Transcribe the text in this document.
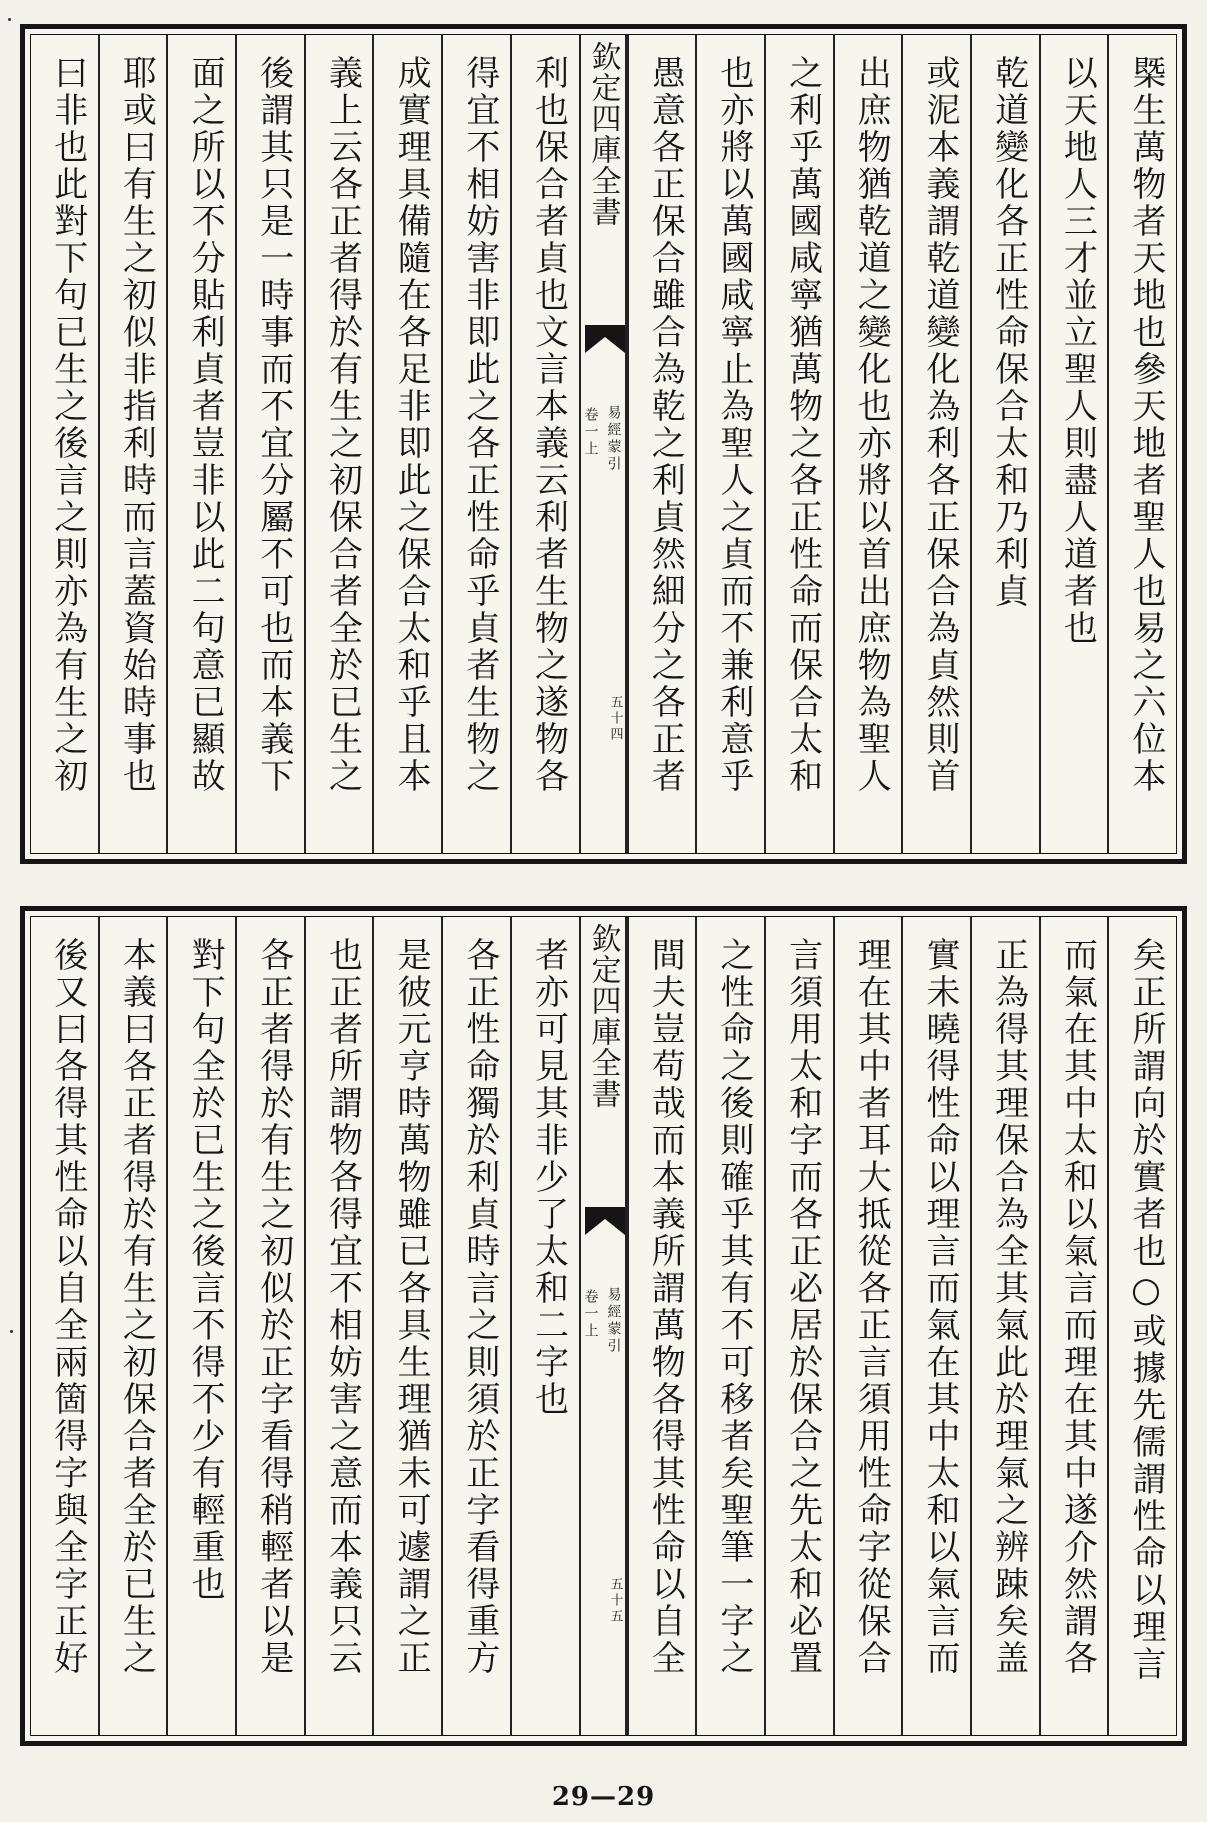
槩生萬物者天地也參天地者聖人也易之六位本
以天地人三才並立聖人則盡人道者也
乾道變化各正性命保合太和乃利貞
或泥本義謂乾道變化為利各正保合為貞然則首
出庶物猶乾道之變化也亦將以首出庶物為聖人
之利乎萬國咸寧猶萬物之各正性命而保合太和
也亦將以萬國咸寧止為聖人之貞而不兼利意乎
愚意各正保合雖合為乾之利貞然細分之各正者
欽定四庫全書
易經蒙引
卷一上
五十四
利也保合者貞也文言本義云利者生物之遂物各
得宜不相妨害非即此之各正性命乎貞者生物之
成實理具備隨在各足非即此之保合太和乎且本
義上云各正者得於有生之初保合者全於已生之
後謂其只是一時事而不宜分屬不可也而本義下
面之所以不分貼利貞者豈非以此二句意已顯故
耶或曰有生之初似非指利時而言蓋資始時事也
曰非也此對下句已生之後言之則亦為有生之初
矣正所謂向於實者也○或據先儒謂性命以理言
而氣在其中太和以氣言而理在其中遂介然謂各
正為得其理保合為全其氣此於理氣之辨踈矣盖
實未曉得性命以理言而氣在其中太和以氣言而
理在其中者耳大抵從各正言須用性命字從保合
言須用太和字而各正必居於保合之先太和必置
之性命之後則確乎其有不可移者矣聖筆一字之
間夫豈苟哉而本義所謂萬物各得其性命以自全
欽定四庫全書
易經蒙引
卷一上
五十五
者亦可見其非少了太和二字也
各正性命獨於利貞時言之則須於正字看得重方
是彼元亨時萬物雖已各具生理猶未可遽謂之正
也正者所謂物各得宜不相妨害之意而本義只云
各正者得於有生之初似於正字看得稍輕者以是
對下句全於已生之後言不得不少有輕重也
本義曰各正者得於有生之初保合者全於已生之
後又曰各得其性命以自全兩箇得字與全字正好
29—29
